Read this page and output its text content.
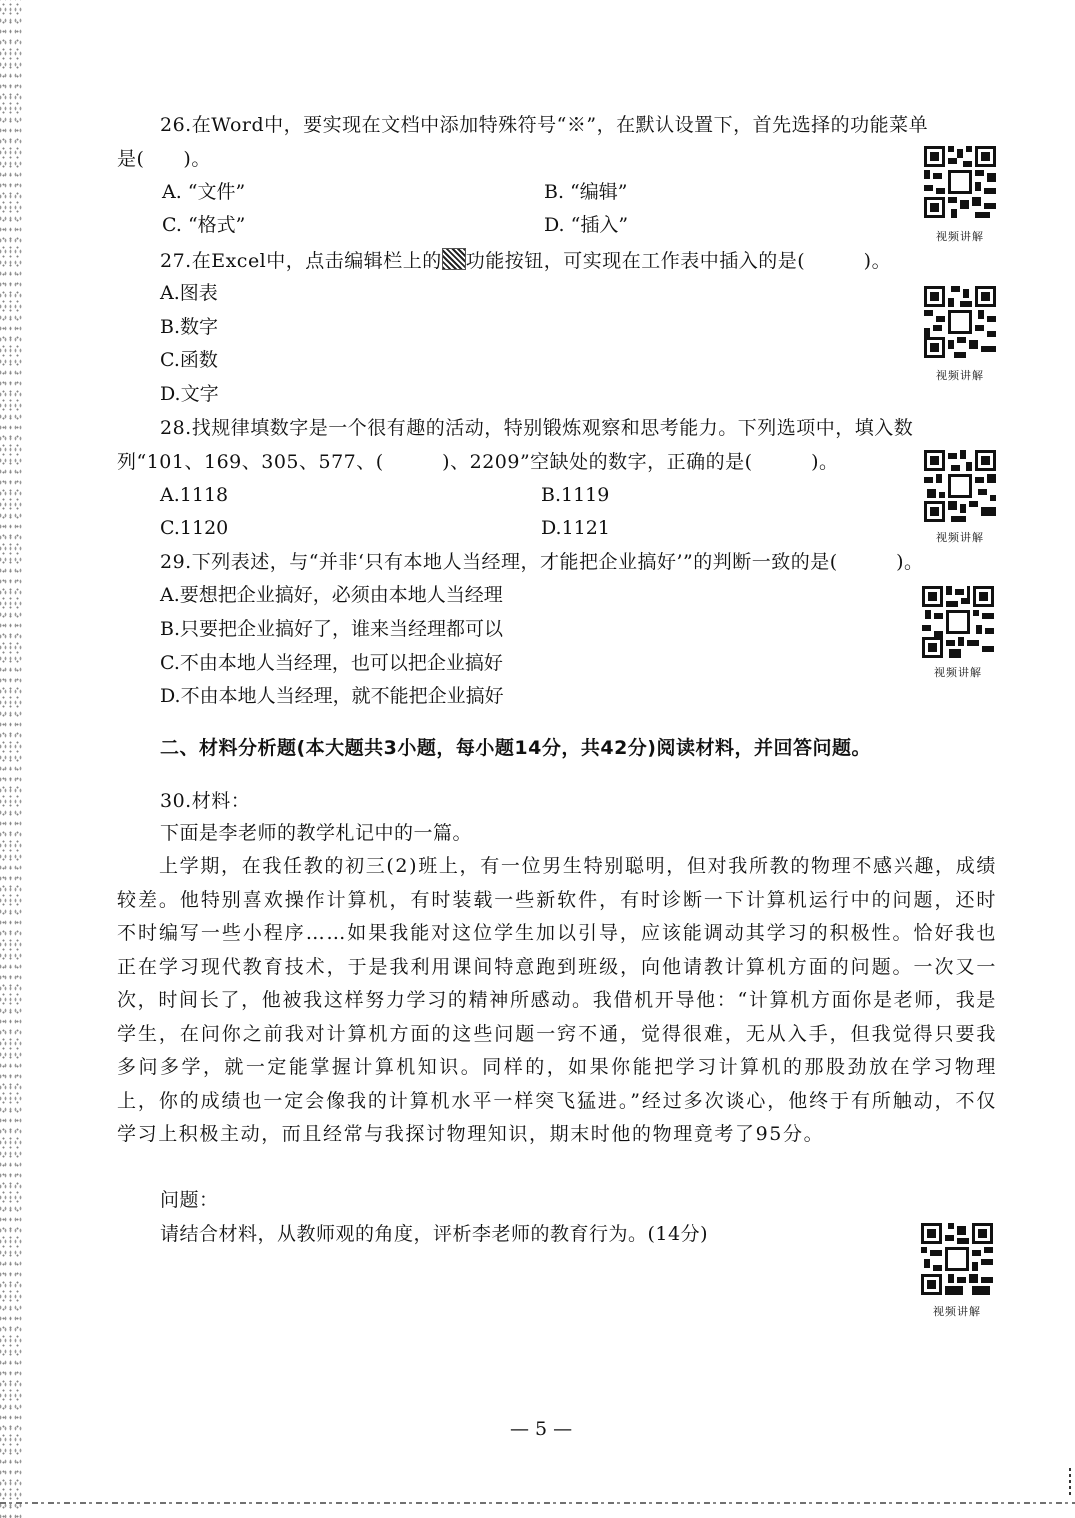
26.在Word中，要实现在文档中添加特殊符号“※”，在默认设置下，首先选择的功能菜单
是(　　)。
A. “文件”	B. “编辑”
C. “格式”	D. “插入”
视频讲解
27.在Excel中，点击编辑栏上的 功能按钮，可实现在工作表中插入的是(　　　)。
A.图表
B.数字
C.函数
D.文字
视频讲解
28.找规律填数字是一个很有趣的活动，特别锻炼观察和思考能力。下列选项中，填入数
列“101、169、305、577、(　　　)、2209”空缺处的数字，正确的是(　　　)。
A.1118	B.1119
C.1120	D.1121	视频讲解
29.下列表述，与“并非‘只有本地人当经理，才能把企业搞好’”的判断一致的是(　　　)。
A.要想把企业搞好，必须由本地人当经理
B.只要把企业搞好了，谁来当经理都可以
C.不由本地人当经理，也可以把企业搞好
D.不由本地人当经理，就不能把企业搞好
视频讲解
二、材料分析题(本大题共3小题，每小题14分，共42分)阅读材料，并回答问题。
30.材料：
下面是李老师的教学札记中的一篇。
上学期，在我任教的初三(2)班上，有一位男生特别聪明，但对我所教的物理不感兴趣，成绩较差。他特别喜欢操作计算机，有时装载一些新软件，有时诊断一下计算机运行中的问题，还时不时编写一些小程序……如果我能对这位学生加以引导，应该能调动其学习的积极性。恰好我也正在学习现代教育技术，于是我利用课间特意跑到班级，向他请教计算机方面的问题。一次又一次，时间长了，他被我这样努力学习的精神所感动。我借机开导他：“计算机方面你是老师，我是学生，在问你之前我对计算机方面的这些问题一窍不通，觉得很难，无从入手，但我觉得只要我多问多学，就一定能掌握计算机知识。同样的，如果你能把学习计算机的那股劲放在学习物理上，你的成绩也一定会像我的计算机水平一样突飞猛进。”经过多次谈心，他终于有所触动，不仅学习上积极主动，而且经常与我探讨物理知识，期末时他的物理竟考了95分。
问题：
请结合材料，从教师观的角度，评析李老师的教育行为。(14分)
视频讲解
— 5 —
